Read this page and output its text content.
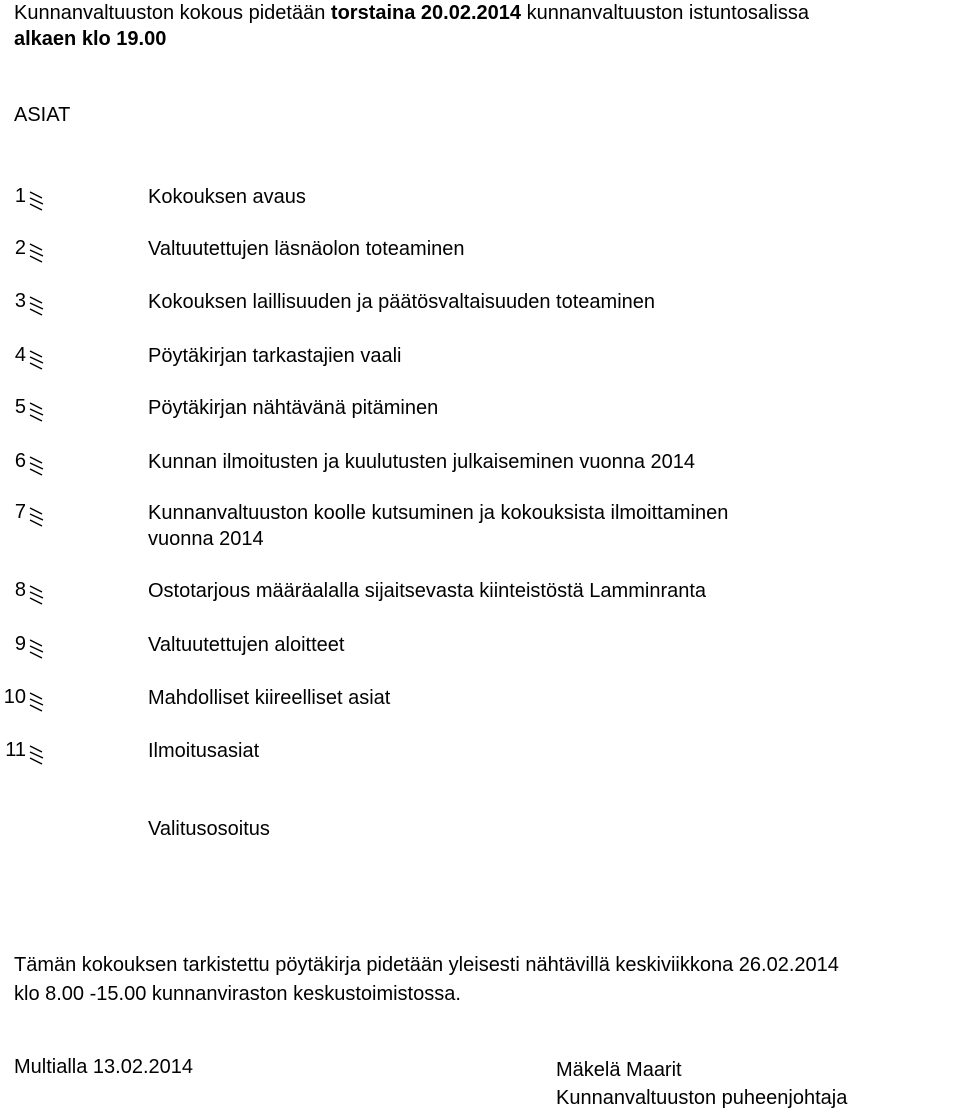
Kunnanvaltuuston kokous pidetään torstaina 20.02.2014 kunnanvaltuuston istuntosalissa
alkaen klo 19.00
ASIAT
1	Kokouksen avaus
2	Valtuutettujen läsnäolon toteaminen
3	Kokouksen laillisuuden ja päätösvaltaisuuden toteaminen
4	Pöytäkirjan tarkastajien vaali
5	Pöytäkirjan nähtävänä pitäminen
6	Kunnan ilmoitusten ja kuulutusten julkaiseminen vuonna 2014
7	Kunnanvaltuuston koolle kutsuminen ja kokouksista ilmoittaminen
vuonna 2014
8	Ostotarjous määräalalla sijaitsevasta kiinteistöstä Lamminranta
9	Valtuutettujen aloitteet
10	Mahdolliset kiireelliset asiat
11	Ilmoitusasiat
Valitusosoitus
Tämän kokouksen tarkistettu pöytäkirja pidetään yleisesti nähtävillä keskiviikkona 26.02.2014
klo 8.00 -15.00 kunnanviraston keskustoimistossa.
Multialla 13.02.2014	Mäkelä Maarit
Kunnanvaltuuston puheenjohtaja
